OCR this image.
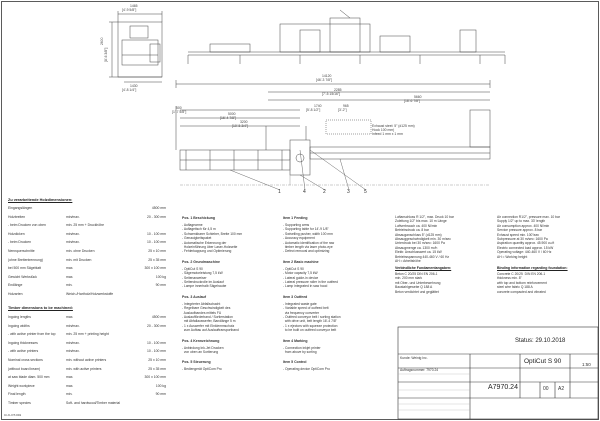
1465
[4'-9 5/8"]
2600
[8'-6 3/8"]
1430
[4'-8 1/4"]
14120
[46'-3 7/8"]
2285
[7'-5 15/16"]
5660
[18'-6 7/8"]
1740
[5'-8 1/2"]
965
[3'-2"]
500
[1'-7 5/8"]	5000
[16'-4 7/8"]
3200
[10'-5 3/4"]	Exhaust steel: 5" (d125 mm)
Hook 100 mm)
Infeed 1 mm x 1 mm
1	2	3
4	5
Zu verarbeitende Holzdimensionen:
Eingangslängen	4500 mm
Holzbreiten	min/max.	20 - 300 mm
- beim Drucken von oben	min. 25 mm + Druckhöhe
Holzdicken	min/max.	10 - 100 mm
- beim Drucken	min/max.	10 - 100 mm
Nennquerschnitte	min. ohne Drucken	25 x 10 mm
(ohne Breitentrennung)	min. mit Drucken	25 x 35 mm
bei 500 mm Sägeblatt	max.	300 x 100 mm
Gewicht Werkstück	max.	100 kg
Endlänge	min.	90 mm
Holzarten	Weich-/Hartholz/Holzwerkstoffe
Timber dimensions to be machined:
Ingoing lengths	max.	4500 mm
Ingoing widths	min/max.	20 - 300 mm
- with active printer from the top	min. 25 mm + printing height
Ingoing thicknesses	min/max.	10 - 100 mm
- with active printers	min/max.	10 - 100 mm
Nominal cross sections	min. without active printers	25 x 10 mm
(without board beam)	min. with active printers	25 x 35 mm
at saw blade diam. 500 mm	max.	300 x 100 mm
Weight workpiece	max.	100 kg
Final length	min.	90 mm
Timber species	Soft- and hardwood/Timber material
Pos. 1 Beschickung
- Auflagearme
- Auflagetisch für 4,5 m
- Schwenkbarer Schieber, Breite 100 mm
- Genauigkeitspaket
- Automatische Erkennung der
Holzeinführung über Laser-Holzseite
- Fehlerkappung und Optimierung
Pos. 2 Grundmaschine
- OptiCut S 90
- Sägemotorleistung 7,5 kW
- Seitenanweiser
- Seitendruckrolle im Auslauf
- Lampe innerhalb Sägehaube
Pos. 3 Auslauf
- Integrierter Abfallschacht
- Regelbare Geschwindigkeit des
Auslaufbandes mittels FU
- Auslaufförderband / Sortierstation
mit Abfallauswerfer, Bandlänge 5 m
- 1 x Auswerfer mit Einklemmschutz
zum Aufbau auf Auslauftransportband
Pos. 4 Kennzeichnung
- Anbindung Ink-Jet Drucken
von oben an Sortierung
Pos. 5 Steuerung
- Bediengerät OptiCom Pro
Item 1 Feeding
- Supporting arms
- Supporting table for 14'-9 1/8"
- Swivelling pusher, width 100 mm
- Accuracy equipment
- Automatic identification of the raw
timber length via laser photo-eye
- Defect removal and optimizing
Item 2 Basic machine
- OptiCut S 90
- Motor capacity 7,5 kW
- Lateral guide-in device
- Lateral pressure roller in the outfeed
- Lamp integrated in saw hood
Item 3 Outfeed
- Integrated waste gate
- Variable speed of outfeed belt
via frequency converter
- Outfeed conveyor belt / sorting station
with drive unit, belt length 16'-4 7/8"
- 1 x ejectors with squeeze protection
to be built on outfeed conveyor belt
Item 4 Marking
- Connection inkjet printer
from above by sorting
Item 5 Control
- Operating device OptiCom Pro
Luftanschluss R 1/2", max. Druck 10 bar
Zuleitung 1/2" bis max. 10 m Länge
Luftverbrauch ca. 400 Nl/min
Betriebsdruck ca. 8 bar
Absauganschluss 5" (d125 mm)
Absauggeschwindigkeit min. 30 m/sec
Unterdruck bei 30 m/sec: 1600 Pa
Absaugmenge ca. 1300 m³/h
Elektr. Anschlusswert ca. 15 kW
Betriebsspannung 440-460 V / 60 Hz
AH = Arbeitshöhe
Verbindliche Fundamentangaben:
Beton C 20/25 DIN EN 206-1
min. 200 mm stark
mit Ober- und Unterbewehrung
Baustahlgewebe Q 188 A
Beton verdichtet und geglättet
Air connection R1/2", pressure max. 10 bar
Supply 1/2" up to max. 33' length
Air consumption approx. 400 Nl/min
Service pressure approx. 8 bar
Exhaust speed min. 100'/sec
Subpressure at 30 m/sec: 1600 Pa
Aspiration quantity approx. 45.900 cu.ft
Electric connected load approx. 15 kW
Operating voltage: 440-460 V / 60 Hz
AH = Working height
Binding information regarding foundation:
Concrete C 20/25  DIN EN 206-1
thickness min. 8"
with top and bottom reinforcement
steel wire fabric Q 188 A
concrete compacted and vibrated
Status: 29.10.2018
Kunde: Weinig Inc.
Auftragsnummer: 7970.24
OptiCut S 90	1:50
A7970.24	00 A2
Cr-K-OT-001
